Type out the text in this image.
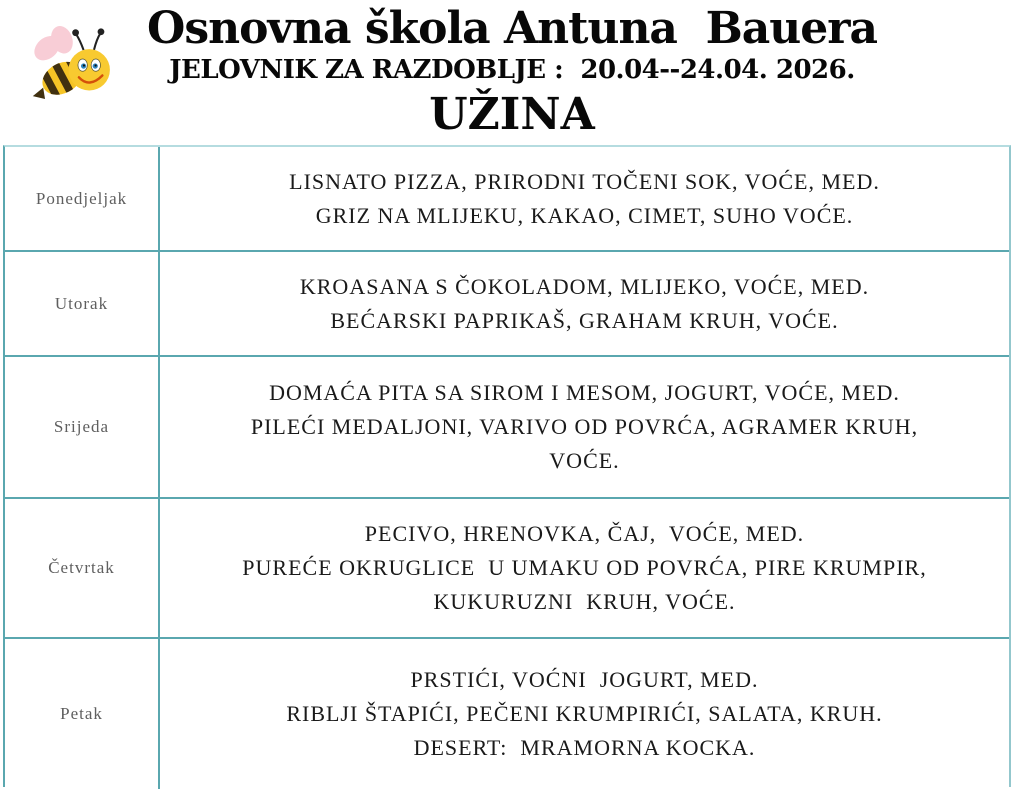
Osnovna škola Antuna  Bauera
JELOVNIK ZA RAZDOBLJE :  20.04--24.04. 2026.
UŽINA
Ponedjeljak
LISNATO PIZZA, PRIRODNI TOČENI SOK, VOĆE, MED.
GRIZ NA MLIJEKU, KAKAO, CIMET, SUHO VOĆE.
Utorak
KROASANA S ČOKOLADOM, MLIJEKO, VOĆE, MED.
BEĆARSKI PAPRIKAŠ, GRAHAM KRUH, VOĆE.
Srijeda
DOMAĆA PITA SA SIROM I MESOM, JOGURT, VOĆE, MED.
PILEĆI MEDALJONI, VARIVO OD POVRĆA, AGRAMER KRUH,
VOĆE.
Četvrtak
PECIVO, HRENOVKA, ČAJ,  VOĆE, MED.
PUREĆE OKRUGLICE  U UMAKU OD POVRĆA, PIRE KRUMPIR,
KUKURUZNI  KRUH, VOĆE.
Petak
PRSTIĆI, VOĆNI  JOGURT, MED.
RIBLJI ŠTAPIĆI, PEČENI KRUMPIRIĆI, SALATA, KRUH.
DESERT:  MRAMORNA KOCKA.
